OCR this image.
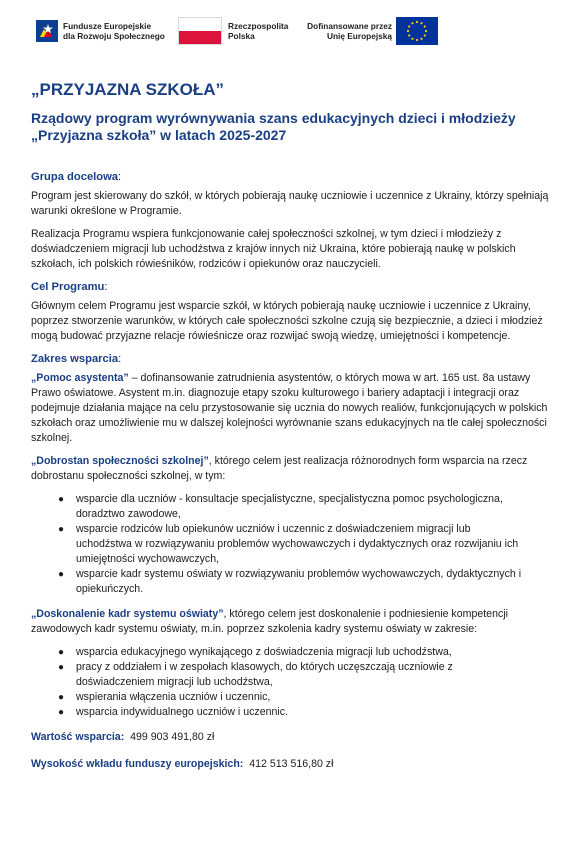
Fundusze Europejskie
dla Rozwoju Społecznego
Rzeczpospolita
Polska
Dofinansowane przez
Unię Europejską
„PRZYJAZNA SZKOŁA”
Rządowy program wyrównywania szans edukacyjnych dzieci i młodzieży „Przyjazna szkoła” w latach 2025-2027
Grupa docelowa:

Program jest skierowany do szkół, w których pobierają naukę uczniowie i uczennice z Ukrainy, którzy spełniają warunki określone w Programie.

Realizacja Programu wspiera funkcjonowanie całej społeczności szkolnej, w tym dzieci i młodzieży z doświadczeniem migracji lub uchodźstwa z krajów innych niż Ukraina, które pobierają naukę w polskich szkołach, ich polskich rówieśników, rodziców i opiekunów oraz nauczycieli.

Cel Programu:

Głównym celem Programu jest wsparcie szkół, w których pobierają naukę uczniowie i uczennice z Ukrainy, poprzez stworzenie warunków, w których całe społeczności szkolne czują się bezpiecznie, a dzieci i młodzież mogą budować przyjazne relacje rówieśnicze oraz rozwijać swoją wiedzę, umiejętności i kompetencje.

Zakres wsparcia:

„Pomoc asystenta” – dofinansowanie zatrudnienia asystentów, o których mowa w art. 165 ust. 8a ustawy Prawo oświatowe. Asystent m.in. diagnozuje etapy szoku kulturowego i bariery adaptacji i integracji oraz podejmuje działania mające na celu przystosowanie się ucznia do nowych realiów, funkcjonujących w polskich szkołach oraz umożliwienie mu w dalszej kolejności wyrównanie szans edukacyjnych na tle całej społeczności szkolnej.

„Dobrostan społeczności szkolnej”, którego celem jest realizacja różnorodnych form wsparcia na rzecz dobrostanu społeczności szkolnej, w tym:

● wsparcie dla uczniów - konsultacje specjalistyczne, specjalistyczna pomoc psychologiczna, doradztwo zawodowe,
● wsparcie rodziców lub opiekunów uczniów i uczennic z doświadczeniem migracji lub uchodźstwa w rozwiązywaniu problemów wychowawczych i dydaktycznych oraz rozwijaniu ich umiejętności wychowawczych,
● wsparcie kadr systemu oświaty w rozwiązywaniu problemów wychowawczych, dydaktycznych i opiekuńczych.

„Doskonalenie kadr systemu oświaty”, którego celem jest doskonalenie i podniesienie kompetencji zawodowych kadr systemu oświaty, m.in. poprzez szkolenia kadry systemu oświaty w zakresie:

● wsparcia edukacyjnego wynikającego z doświadczenia migracji lub uchodźstwa,
● pracy z oddziałem i w zespołach klasowych, do których uczęszczają uczniowie z doświadczeniem migracji lub uchodźstwa,
● wspierania włączenia uczniów i uczennic,
● wsparcia indywidualnego uczniów i uczennic.
Wartość wsparcia: 499 903 491,80 zł
Wysokość wkładu funduszy europejskich: 412 513 516,80 zł
